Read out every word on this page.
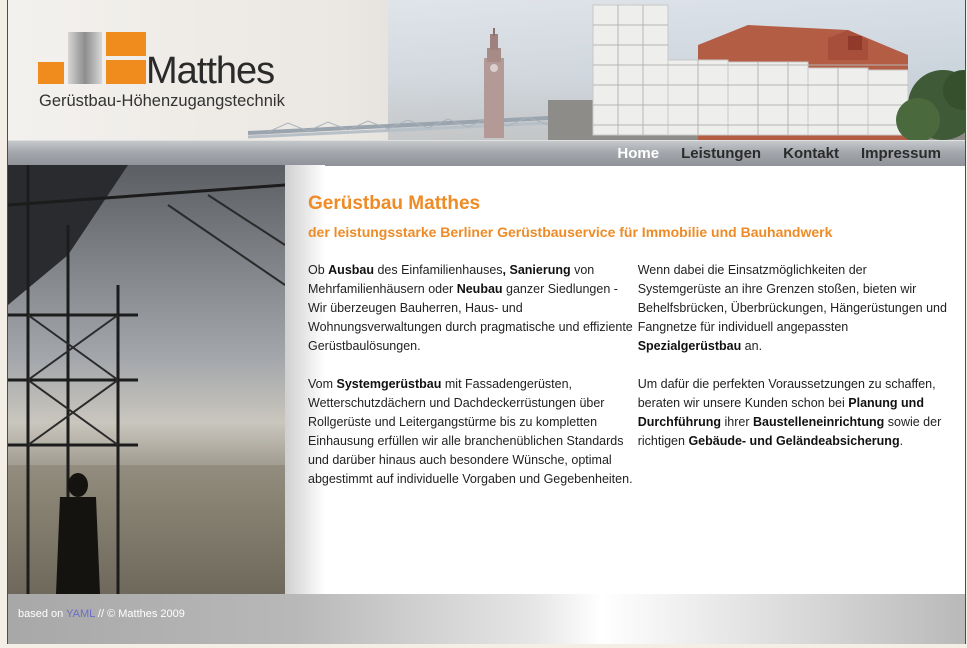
Matthes
Gerüstbau-Höhenzugangstechnik
Home Leistungen Kontakt Impressum
Gerüstbau Matthes
der leistungsstarke Berliner Gerüstbauservice für Immobilie und Bauhandwerk

Ob Ausbau des Einfamilienhauses, Sanierung von Mehrfamilienhäusern oder Neubau ganzer Siedlungen - Wir überzeugen Bauherren, Haus- und Wohnungsverwaltungen durch pragmatische und effiziente Gerüstbaulösungen.

Vom Systemgerüstbau mit Fassadengerüsten, Wetterschutzdächern und Dachdeckerrüstungen über Rollgerüste und Leitergangstürme bis zu kompletten Einhausung erfüllen wir alle branchenüblichen Standards und darüber hinaus auch besondere Wünsche, optimal abgestimmt auf individuelle Vorgaben und Gegebenheiten.

Wenn dabei die Einsatzmöglichkeiten der Systemgerüste an ihre Grenzen stoßen, bieten wir Behelfsbrücken, Überbrückungen, Hängerüstungen und Fangnetze für individuell angepassten Spezialgerüstbau an.

Um dafür die perfekten Voraussetzungen zu schaffen, beraten wir unsere Kunden schon bei Planung und Durchführung ihrer Baustelleneinrichtung sowie der richtigen Gebäude- und Geländeabsicherung.

based on YAML // © Matthes 2009
